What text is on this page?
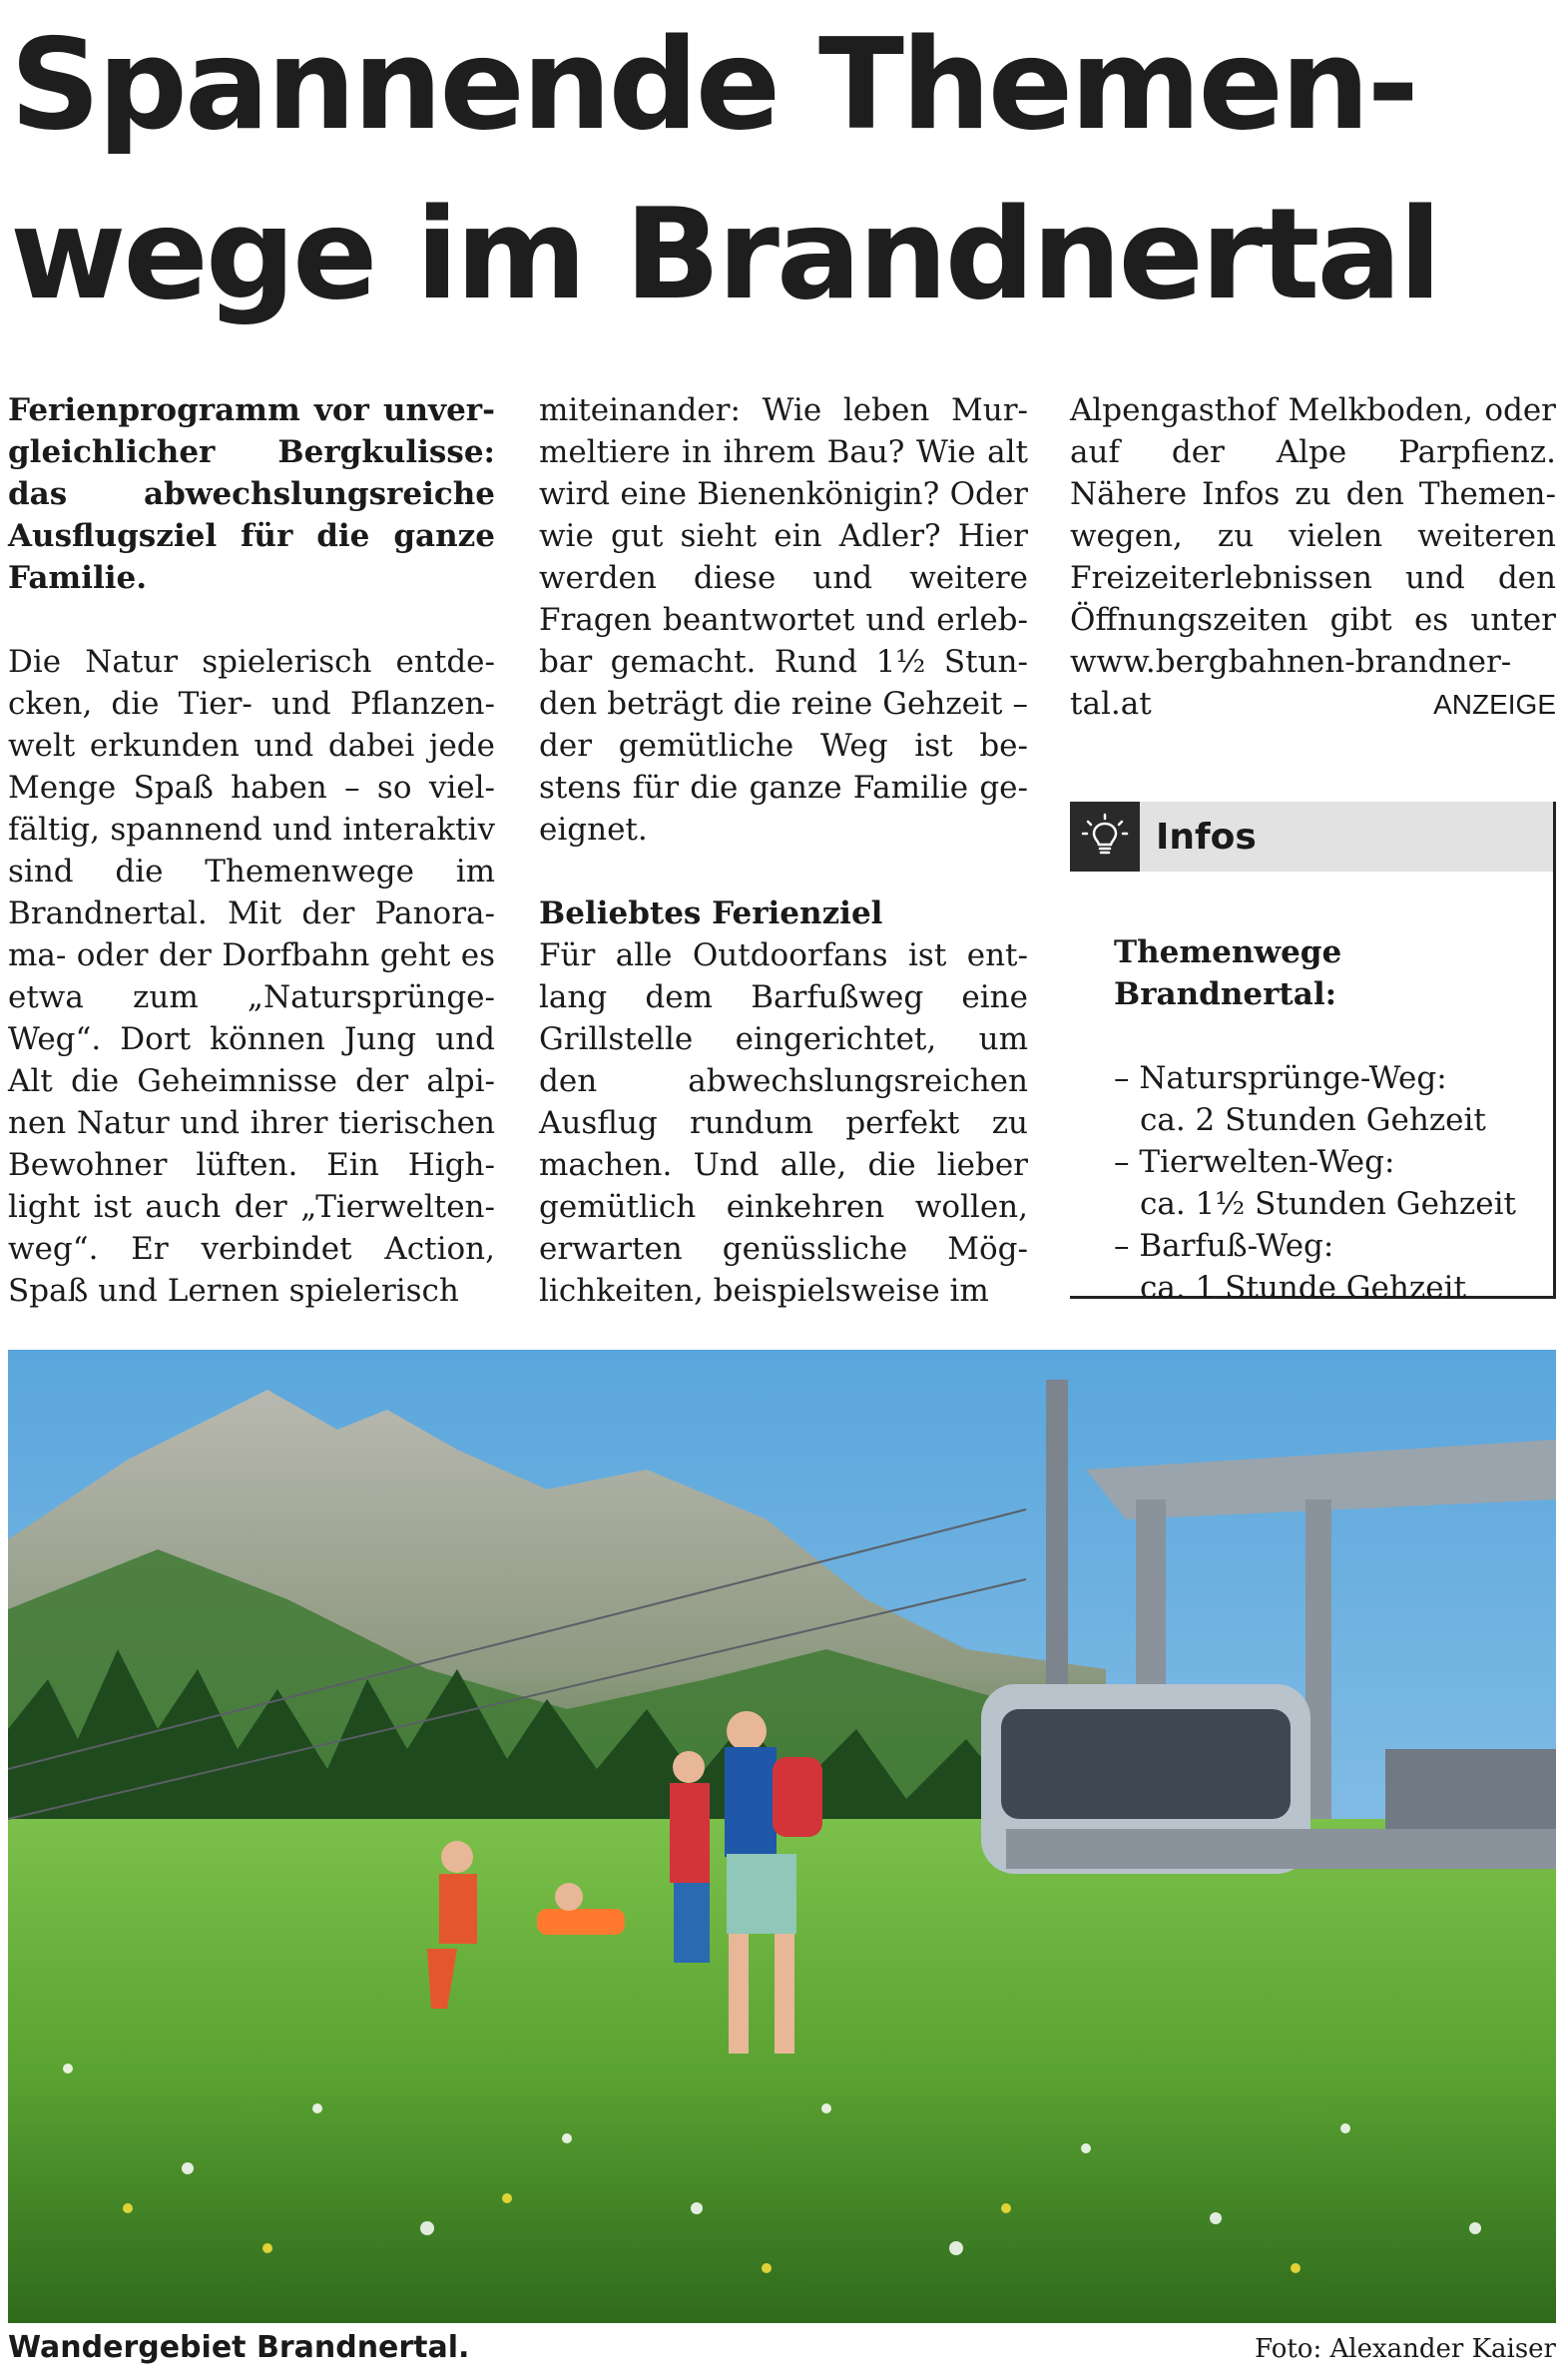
Spannende Themen-
wege im Brandnertal

Ferienprogramm vor unvergleichlicher Bergkulisse: das abwechslungsreiche Ausflugsziel für die ganze Familie.

Die Natur spielerisch entdecken, die Tier- und Pflanzenwelt erkunden und dabei jede Menge Spaß haben – so vielfältig, spannend und interaktiv sind die Themenwege im Brandnertal. Mit der Panorama- oder der Dorfbahn geht es etwa zum „Natursprünge-Weg“. Dort können Jung und Alt die Geheimnisse der alpinen Natur und ihrer tierischen Bewohner lüften. Ein Highlight ist auch der „Tierweltenweg“. Er verbindet Action, Spaß und Lernen spielerisch

miteinander: Wie leben Murmeltiere in ihrem Bau? Wie alt wird eine Bienenkönigin? Oder wie gut sieht ein Adler? Hier werden diese und weitere Fragen beantwortet und erlebbar gemacht. Rund 1½ Stunden beträgt die reine Gehzeit – der gemütliche Weg ist bestens für die ganze Familie geeignet.

Beliebtes Ferienziel

Für alle Outdoorfans ist entlang dem Barfußweg eine Grillstelle eingerichtet, um den abwechslungsreichen Ausflug rundum perfekt zu machen. Und alle, die lieber gemütlich einkehren wollen, erwarten genüssliche Möglichkeiten, beispielsweise im

Alpengasthof Melkboden, oder auf der Alpe Parpfienz. Nähere Infos zu den Themenwegen, zu vielen weiteren Freizeiterlebnissen und den Öffnungszeiten gibt es unter www.bergbahnen-brandnertal.at	ANZEIGE
Infos
Themenwege Brandnertal:
– Natursprünge-Weg:
ca. 2 Stunden Gehzeit
– Tierwelten-Weg:
ca. 1½ Stunden Gehzeit
– Barfuß-Weg:
ca. 1 Stunde Gehzeit
Wandergebiet Brandnertal.	Foto: Alexander Kaiser
